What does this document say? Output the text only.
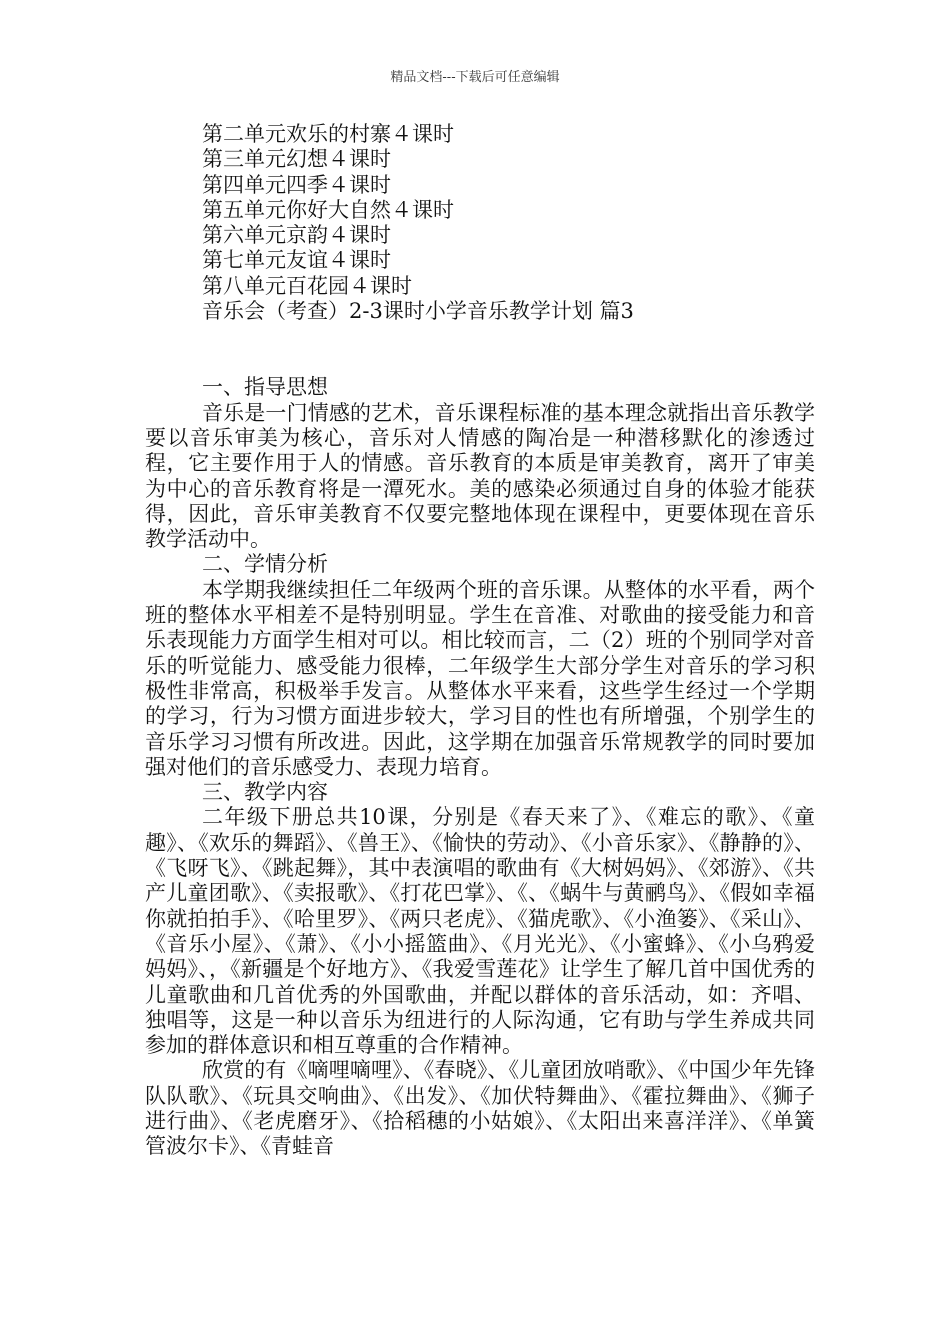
精品文档---下载后可任意编辑

第二单元欢乐的村寨４课时

第三单元幻想４课时

第四单元四季４课时

第五单元你好大自然４课时

第六单元京韵４课时

第七单元友谊４课时

第八单元百花园４课时

音乐会（考查）2-3课时小学音乐教学计划 篇3

一、指导思想

音乐是一门情感的艺术，音乐课程标准的基本理念就指出音乐教学要以音乐审美为核心，音乐对人情感的陶冶是一种潜移默化的渗透过程，它主要作用于人的情感。音乐教育的本质是审美教育，离开了审美为中心的音乐教育将是一潭死水。美的感染必须通过自身的体验才能获得，因此，音乐审美教育不仅要完整地体现在课程中，更要体现在音乐教学活动中。

二、学情分析

本学期我继续担任二年级两个班的音乐课。从整体的水平看，两个班的整体水平相差不是特别明显。学生在音准、对歌曲的接受能力和音乐表现能力方面学生相对可以。相比较而言，二（2）班的个别同学对音乐的听觉能力、感受能力很棒，二年级学生大部分学生对音乐的学习积极性非常高，积极举手发言。从整体水平来看，这些学生经过一个学期的学习，行为习惯方面进步较大，学习目的性也有所增强，个别学生的音乐学习习惯有所改进。因此，这学期在加强音乐常规教学的同时要加强对他们的音乐感受力、表现力培育。

三、教学内容

二年级下册总共10课，分别是《春天来了》、《难忘的歌》、《童趣》、《欢乐的舞蹈》、《兽王》、《愉快的劳动》、《小音乐家》、《静静的》、《飞呀飞》、《跳起舞》，其中表演唱的歌曲有《大树妈妈》、《郊游》、《共产儿童团歌》、《卖报歌》、《打花巴掌》、《、《蜗牛与黄鹂鸟》、《假如幸福你就拍拍手》、《哈里罗》、《两只老虎》、《猫虎歌》、《小渔篓》、《采山》、《音乐小屋》、《萧》、《小小摇篮曲》、《月光光》、《小蜜蜂》、《小乌鸦爱妈妈》、，《新疆是个好地方》、《我爱雪莲花》让学生了解几首中国优秀的儿童歌曲和几首优秀的外国歌曲，并配以群体的音乐活动，如：齐唱、独唱等，这是一种以音乐为纽进行的人际沟通，它有助与学生养成共同参加的群体意识和相互尊重的合作精神。

欣赏的有《嘀哩嘀哩》、《春晓》、《儿童团放哨歌》、《中国少年先锋队队歌》、《玩具交响曲》、《出发》、《加伏特舞曲》、《霍拉舞曲》、《狮子进行曲》、《老虎磨牙》、《拾稻穗的小姑娘》、《太阳出来喜洋洋》、《单簧管波尔卡》、《青蛙音
